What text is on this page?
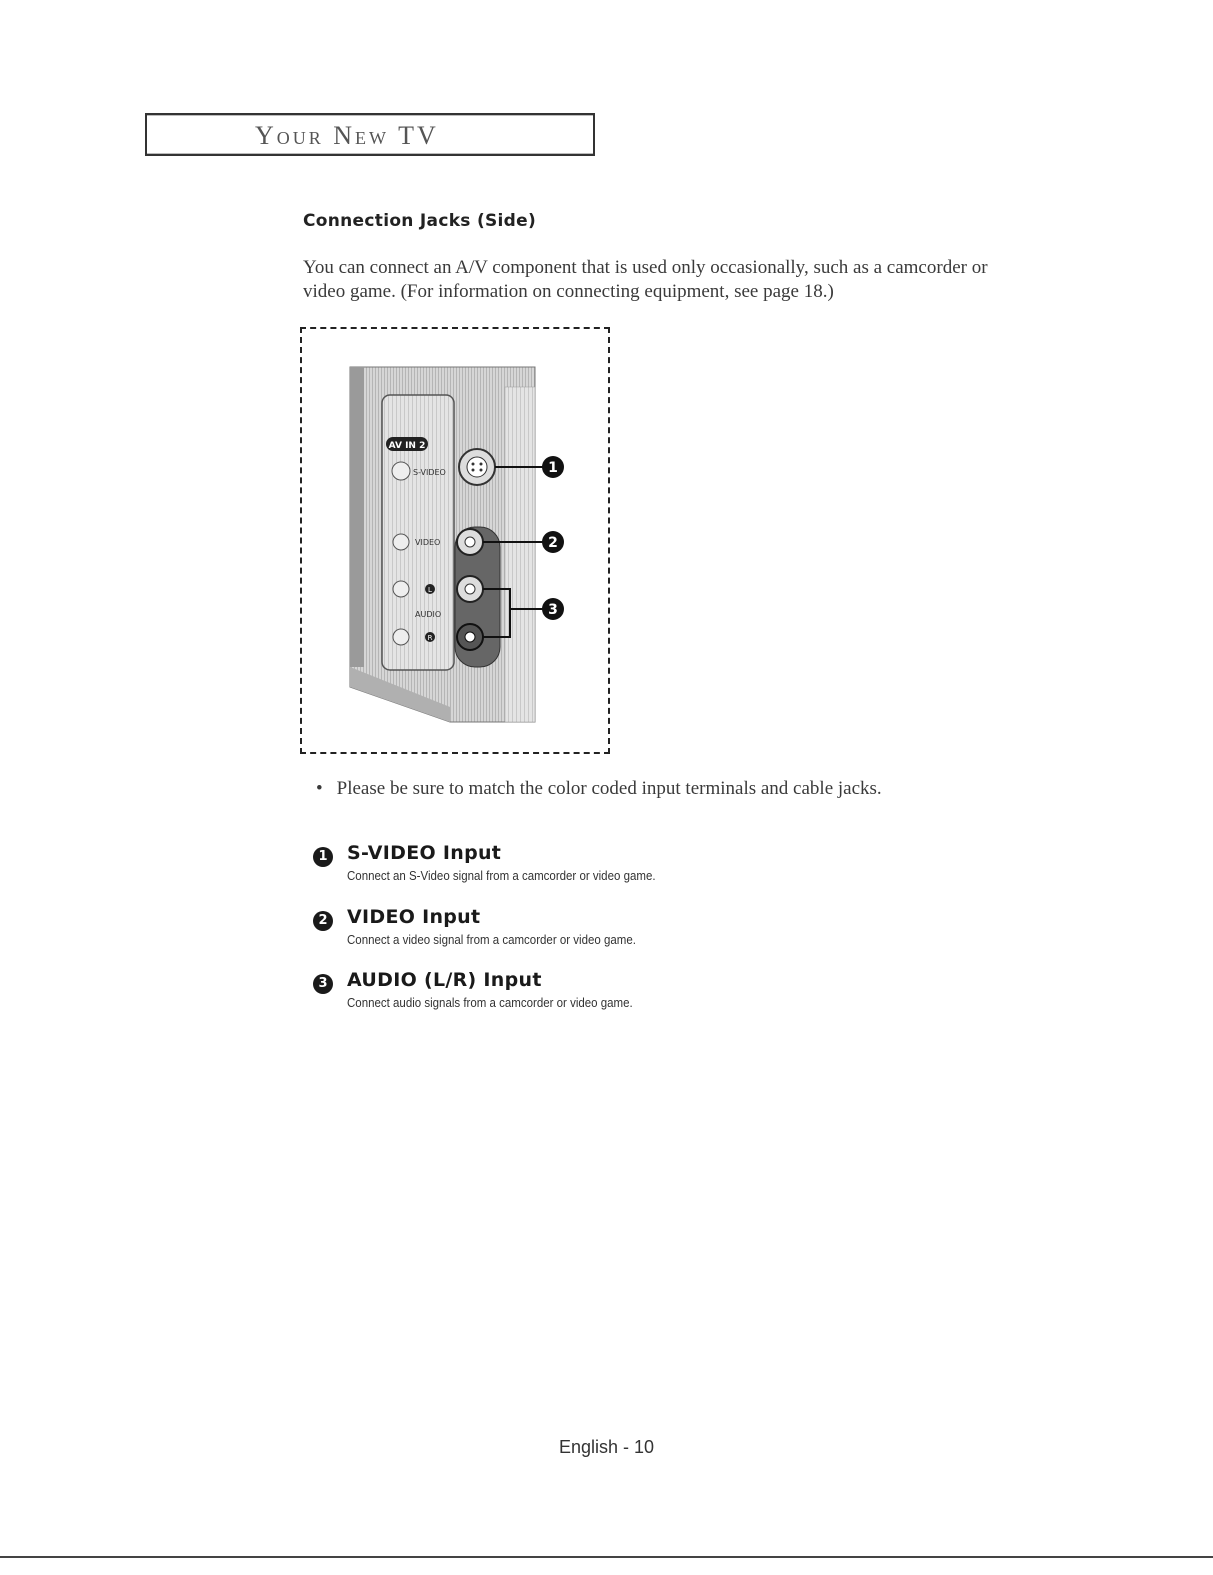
Your New TV
Connection Jacks (Side)
You can connect an A/V component that is used only occasionally, such as a camcorder or video game. (For information on connecting equipment, see page 18.)
AV IN 2
S-VIDEO
VIDEO
L
AUDIO
R
1
2
3
• Please be sure to match the color coded input terminals and cable jacks.
1 S-VIDEO Input
Connect an S-Video signal from a camcorder or video game.
2 VIDEO Input
Connect a video signal from a camcorder or video game.
3 AUDIO (L/R) Input
Connect audio signals from a camcorder or video game.
English - 10
